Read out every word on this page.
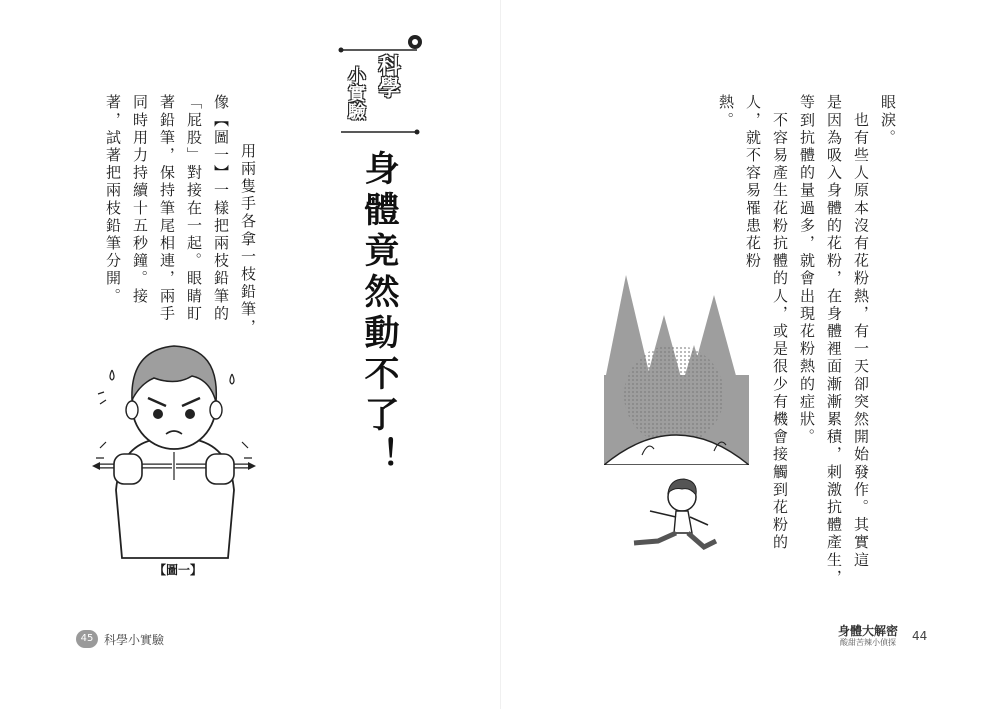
科學
小實驗
身體竟然動不了！
　用兩隻手各拿一枝鉛筆，
像【圖一】一樣把兩枝鉛筆的
「屁股」對接在一起。眼睛盯
著鉛筆，保持筆尾相連，兩手
同時用力持續十五秒鐘。接
著，試著把兩枝鉛筆分開。
【圖一】
45 科學小實驗
眼淚。
　也有些人原本沒有花粉熱，有一天卻突然開始發作。其實這
是因為吸入身體的花粉，在身體裡面漸漸累積，刺激抗體產生，
等到抗體的量過多，就會出現花粉熱的症狀。
　不容易產生花粉抗體的人，或是很少有機會接觸到花粉的
人，就不容易罹患花粉
熱。
身體大解密
酸甜苦辣小偵探 44
